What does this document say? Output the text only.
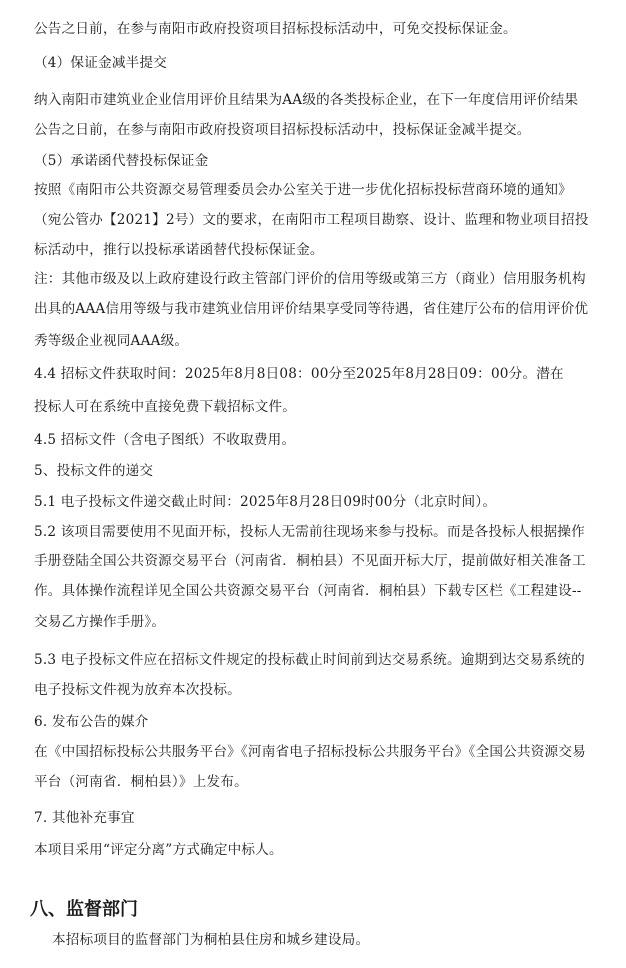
公告之日前，在参与南阳市政府投资项目招标投标活动中，可免交投标保证金。
（4）保证金减半提交
纳入南阳市建筑业企业信用评价且结果为AA级的各类投标企业，在下一年度信用评价结果
公告之日前，在参与南阳市政府投资项目招标投标活动中，投标保证金减半提交。
（5）承诺函代替投标保证金
按照《南阳市公共资源交易管理委员会办公室关于进一步优化招标投标营商环境的通知》
（宛公管办【2021】2号）文的要求，在南阳市工程项目勘察、设计、监理和物业项目招投
标活动中，推行以投标承诺函替代投标保证金。
注：其他市级及以上政府建设行政主管部门评价的信用等级或第三方（商业）信用服务机构
出具的AAA信用等级与我市建筑业信用评价结果享受同等待遇，省住建厅公布的信用评价优
秀等级企业视同AAA级。
4.4 招标文件获取时间：2025年8月8日08：00分至2025年8月28日09：00分。潜在
投标人可在系统中直接免费下载招标文件。
4.5 招标文件（含电子图纸）不收取费用。
5、投标文件的递交
5.1 电子投标文件递交截止时间：2025年8月28日09时00分（北京时间）。
5.2 该项目需要使用不见面开标，投标人无需前往现场来参与投标。而是各投标人根据操作
手册登陆全国公共资源交易平台（河南省．桐柏县）不见面开标大厅，提前做好相关准备工
作。具体操作流程详见全国公共资源交易平台（河南省．桐柏县）下载专区栏《工程建设--
交易乙方操作手册》。
5.3 电子投标文件应在招标文件规定的投标截止时间前到达交易系统。逾期到达交易系统的
电子投标文件视为放弃本次投标。
6. 发布公告的媒介
在《中国招标投标公共服务平台》《河南省电子招标投标公共服务平台》《全国公共资源交易
平台（河南省．桐柏县）》上发布。
7. 其他补充事宜
本项目采用“评定分离”方式确定中标人。
八、监督部门
本招标项目的监督部门为桐柏县住房和城乡建设局。
